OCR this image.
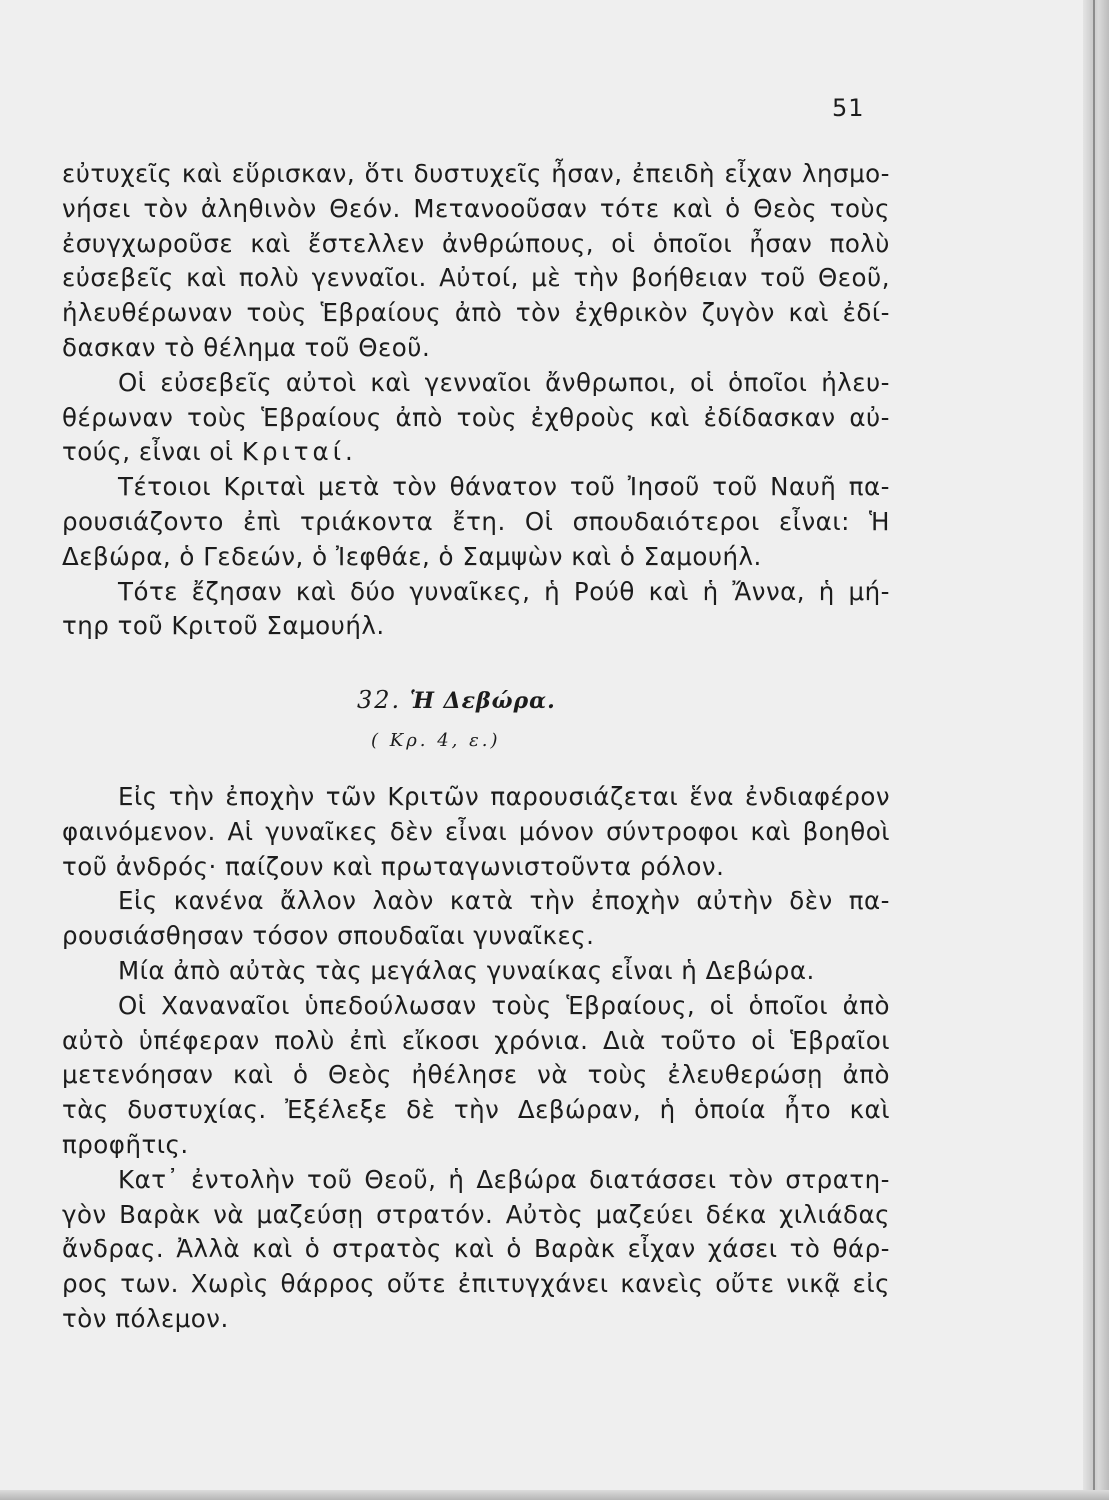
51
εὐτυχεῖς καὶ εὕρισκαν, ὅτι δυστυχεῖς ἦσαν, ἐπειδὴ εἶχαν λησμο-
νήσει τὸν ἀληθινὸν Θεόν. Μετανοοῦσαν τότε καὶ ὁ Θεὸς τοὺς
ἐσυγχωροῦσε καὶ ἔστελλεν ἀνθρώπους, οἱ ὁποῖοι ἦσαν πολὺ
εὐσεβεῖς καὶ πολὺ γενναῖοι. Αὐτοί, μὲ τὴν βοήθειαν τοῦ Θεοῦ,
ἠλευθέρωναν τοὺς Ἑβραίους ἀπὸ τὸν ἐχθρικὸν ζυγὸν καὶ ἐδί-
δασκαν τὸ θέλημα τοῦ Θεοῦ.
Οἱ εὐσεβεῖς αὐτοὶ καὶ γενναῖοι ἄνθρωποι, οἱ ὁποῖοι ἠλευ-
θέρωναν τοὺς Ἑβραίους ἀπὸ τοὺς ἐχθροὺς καὶ ἐδίδασκαν αὐ-
τούς, εἶναι οἱ Κριταί.
Τέτοιοι Κριταὶ μετὰ τὸν θάνατον τοῦ Ἰησοῦ τοῦ Ναυῆ πα-
ρουσιάζοντο ἐπὶ τριάκοντα ἔτη. Οἱ σπουδαιότεροι εἶναι: Ἡ
Δεβώρα, ὁ Γεδεών, ὁ Ἰεφθάε, ὁ Σαμψὼν καὶ ὁ Σαμουήλ.
Τότε ἔζησαν καὶ δύο γυναῖκες, ἡ Ρούθ καὶ ἡ Ἄννα, ἡ μή-
τηρ τοῦ Κριτοῦ Σαμουήλ.
32. Ἡ Δεβώρα.
( Κρ. 4, ε.)
Εἰς τὴν ἐποχὴν τῶν Κριτῶν παρουσιάζεται ἕνα ἐνδιαφέρον
φαινόμενον. Αἱ γυναῖκες δὲν εἶναι μόνον σύντροφοι καὶ βοηθοὶ
τοῦ ἀνδρός· παίζουν καὶ πρωταγωνιστοῦντα ρόλον.
Εἰς κανένα ἄλλον λαὸν κατὰ τὴν ἐποχὴν αὐτὴν δὲν πα-
ρουσιάσθησαν τόσον σπουδαῖαι γυναῖκες.
Μία ἀπὸ αὐτὰς τὰς μεγάλας γυναίκας εἶναι ἡ Δεβώρα.
Οἱ Χαναναῖοι ὑπεδούλωσαν τοὺς Ἑβραίους, οἱ ὁποῖοι ἀπὸ
αὐτὸ ὑπέφεραν πολὺ ἐπὶ εἴκοσι χρόνια. Διὰ τοῦτο οἱ Ἑβραῖοι
μετενόησαν καὶ ὁ Θεὸς ἠθέλησε νὰ τοὺς ἐλευθερώσῃ ἀπὸ
τὰς δυστυχίας. Ἐξέλεξε δὲ τὴν Δεβώραν, ἡ ὁποία ἦτο καὶ
προφῆτις.
Κατ᾽ ἐντολὴν τοῦ Θεοῦ, ἡ Δεβώρα διατάσσει τὸν στρατη-
γὸν Βαρὰκ νὰ μαζεύσῃ στρατόν. Αὐτὸς μαζεύει δέκα χιλιάδας
ἄνδρας. Ἀλλὰ καὶ ὁ στρατὸς καὶ ὁ Βαρὰκ εἶχαν χάσει τὸ θάρ-
ρος των. Χωρὶς θάρρος οὔτε ἐπιτυγχάνει κανεὶς οὔτε νικᾷ εἰς
τὸν πόλεμον.
